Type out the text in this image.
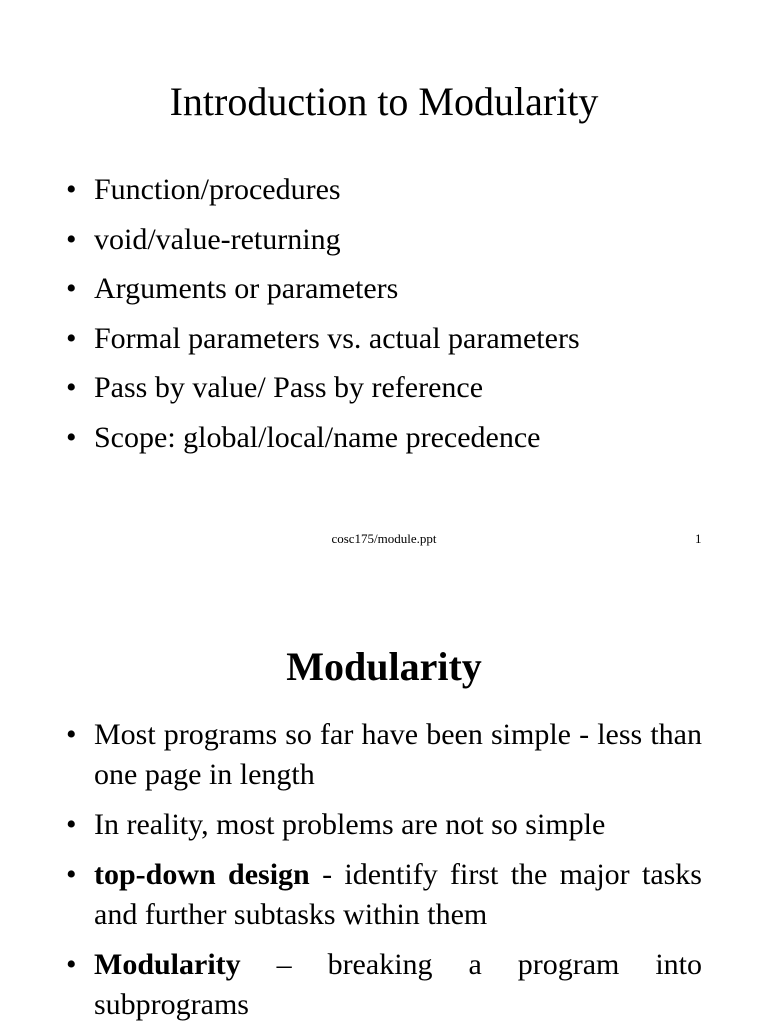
Introduction to Modularity
• Function/procedures
• void/value-returning
• Arguments or parameters
• Formal parameters vs. actual parameters
• Pass by value/ Pass by reference
• Scope: global/local/name precedence
cosc175/module.ppt	1
Modularity
• Most programs so far have been simple - less than one page in length
• In reality, most problems are not so simple
• top-down design - identify first the major tasks and further subtasks within them
• Modularity – breaking a program into subprograms
